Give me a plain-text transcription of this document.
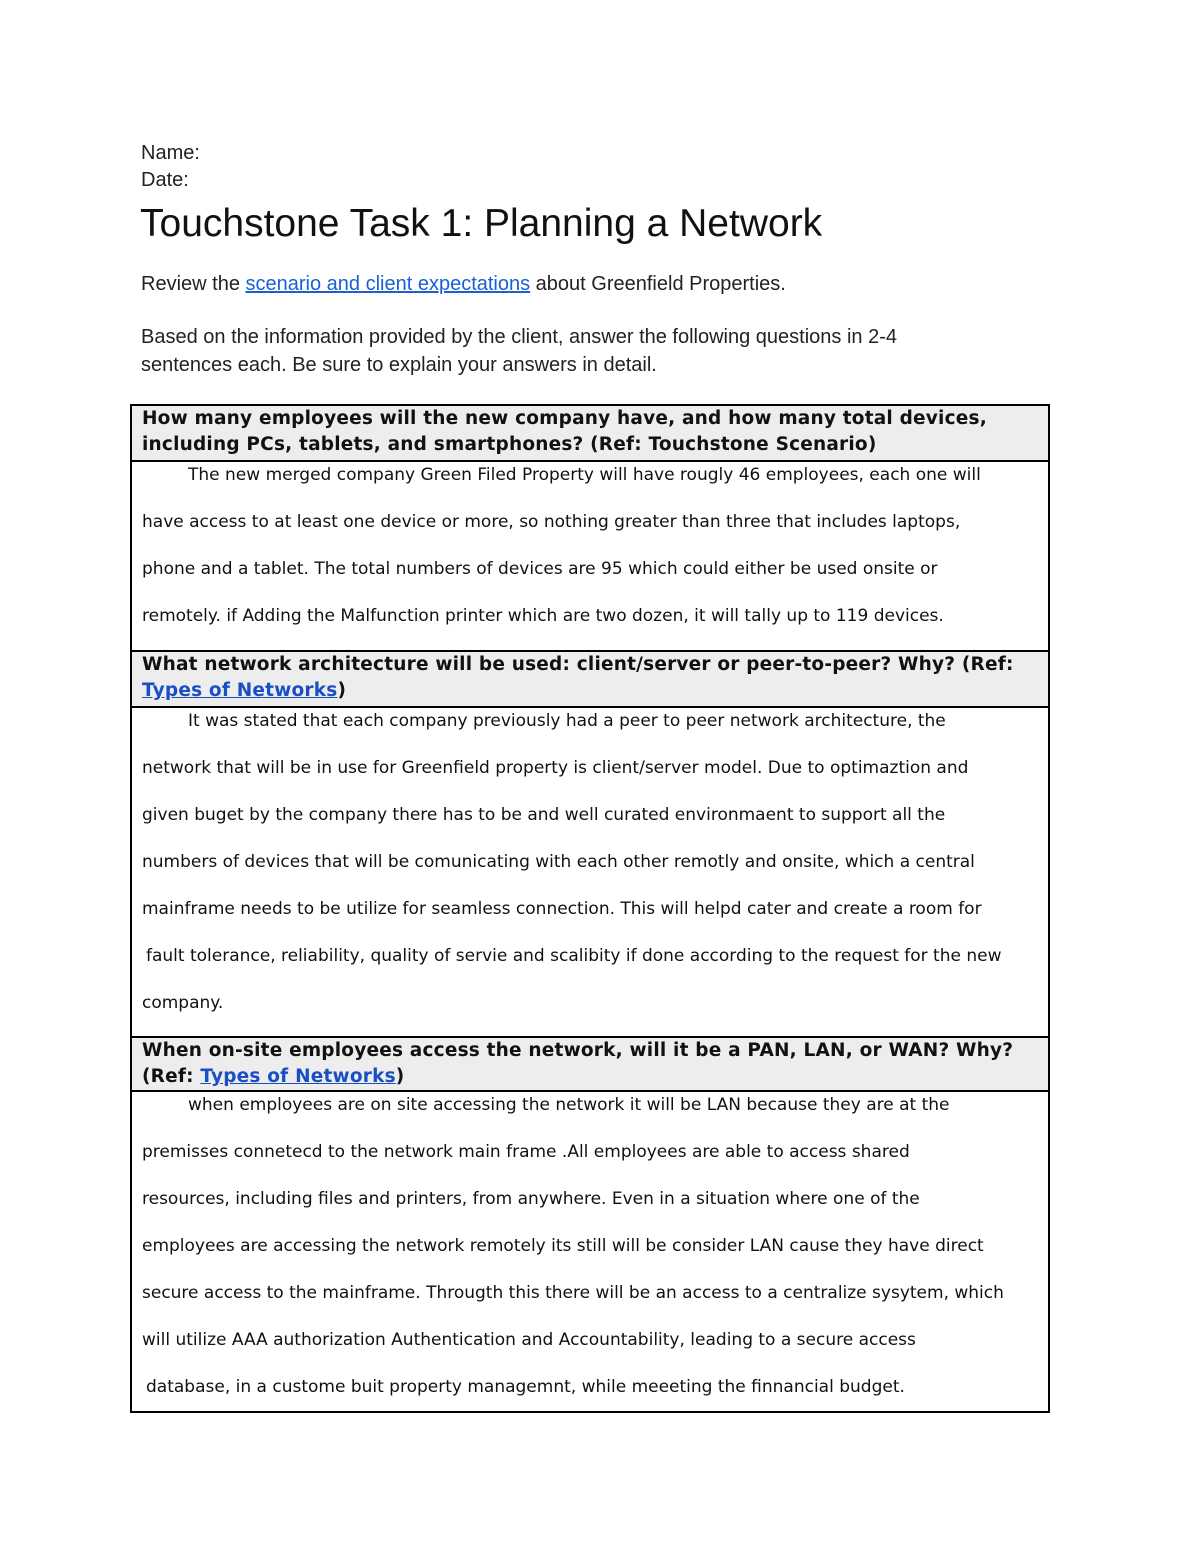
Name:
Date:
Touchstone Task 1: Planning a Network
Review the scenario and client expectations about Greenfield Properties.
Based on the information provided by the client, answer the following questions in 2-4
sentences each. Be sure to explain your answers in detail.
How many employees will the new company have, and how many total devices,
including PCs, tablets, and smartphones? (Ref: Touchstone Scenario)

The new merged company Green Filed Property will have rougly 46 employees, each one will
have access to at least one device or more, so nothing greater than three that includes laptops,
phone and a tablet. The total numbers of devices are 95 which could either be used onsite or
remotely. if Adding the Malfunction printer which are two dozen, it will tally up to 119 devices.

What network architecture will be used: client/server or peer-to-peer? Why? (Ref:
Types of Networks)

It was stated that each company previously had a peer to peer network architecture, the
network that will be in use for Greenfield property is client/server model. Due to optimaztion and
given buget by the company there has to be and well curated environmaent to support all the
numbers of devices that will be comunicating with each other remotly and onsite, which a central
mainframe needs to be utilize for seamless connection. This will helpd cater and create a room for
fault tolerance, reliability, quality of servie and scalibity if done according to the request for the new
company.

When on-site employees access the network, will it be a PAN, LAN, or WAN? Why?
(Ref: Types of Networks)

when employees are on site accessing the network it will be LAN because they are at the
premisses connetecd to the network main frame .All employees are able to access shared
resources, including files and printers, from anywhere. Even in a situation where one of the
employees are accessing the network remotely its still will be consider LAN cause they have direct
secure access to the mainframe. Througth this there will be an access to a centralize sysytem, which
will utilize AAA authorization Authentication and Accountability, leading to a secure access
database, in a custome buit property managemnt, while meeeting the finnancial budget.
